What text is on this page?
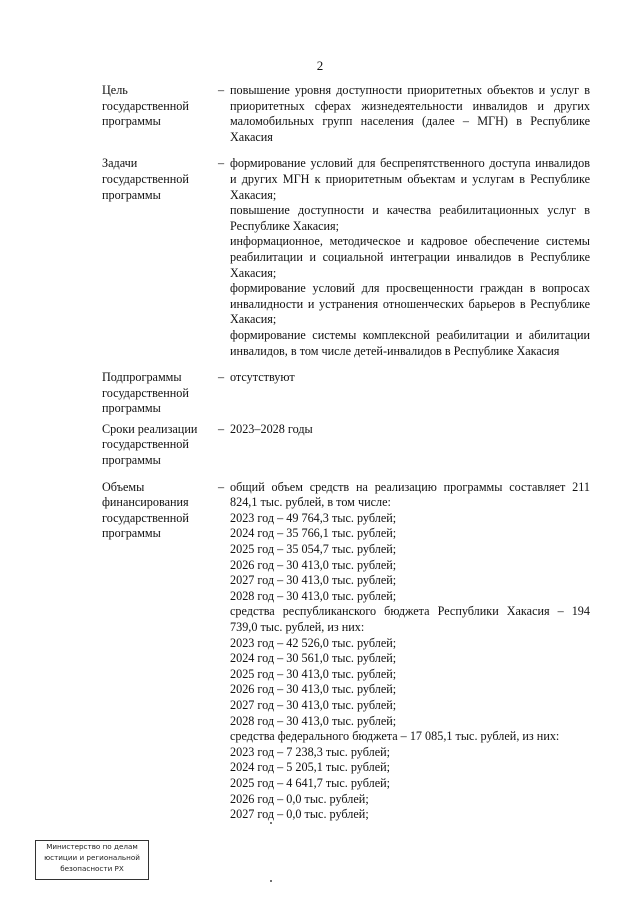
2
Цель
государственной
программы
– повышение уровня доступности приоритетных объектов и услуг в приоритетных сферах жизнедеятельности инвалидов и других маломобильных групп населения (далее – МГН) в Республике Хакасия

Задачи
государственной
программы
– формирование условий для беспрепятственного доступа инвалидов и других МГН к приоритетным объектам и услугам в Республике Хакасия;

повышение доступности и качества реабилитационных услуг в Республике Хакасия;

информационное, методическое и кадровое обеспечение системы реабилитации и социальной интеграции инвалидов в Республике Хакасия;

формирование условий для просвещенности граждан в вопросах инвалидности и устранения отношенческих барьеров в Республике Хакасия;

формирование системы комплексной реабилитации и абилитации инвалидов, в том числе детей-инвалидов в Республике Хакасия

Подпрограммы
государственной
программы
– отсутствуют

Сроки реализации
государственной
программы
– 2023–2028 годы

Объемы
финансирования
государственной
программы
– общий объем средств на реализацию программы составляет 211 824,1 тыс. рублей, в том числе:

2023 год – 49 764,3 тыс. рублей;
2024 год – 35 766,1 тыс. рублей;
2025 год – 35 054,7 тыс. рублей;
2026 год – 30 413,0 тыс. рублей;
2027 год – 30 413,0 тыс. рублей;
2028 год – 30 413,0 тыс. рублей;

средства республиканского бюджета Республики Хакасия – 194 739,0 тыс. рублей, из них:

2023 год – 42 526,0 тыс. рублей;
2024 год – 30 561,0 тыс. рублей;
2025 год – 30 413,0 тыс. рублей;
2026 год – 30 413,0 тыс. рублей;
2027 год – 30 413,0 тыс. рублей;
2028 год – 30 413,0 тыс. рублей;

средства федерального бюджета – 17 085,1 тыс. рублей, из них:

2023 год – 7 238,3 тыс. рублей;
2024 год – 5 205,1 тыс. рублей;
2025 год – 4 641,7 тыс. рублей;
2026 год – 0,0 тыс. рублей;
2027 год – 0,0 тыс. рублей;
Министерство по делам
юстиции и региональной
безопасности РХ
